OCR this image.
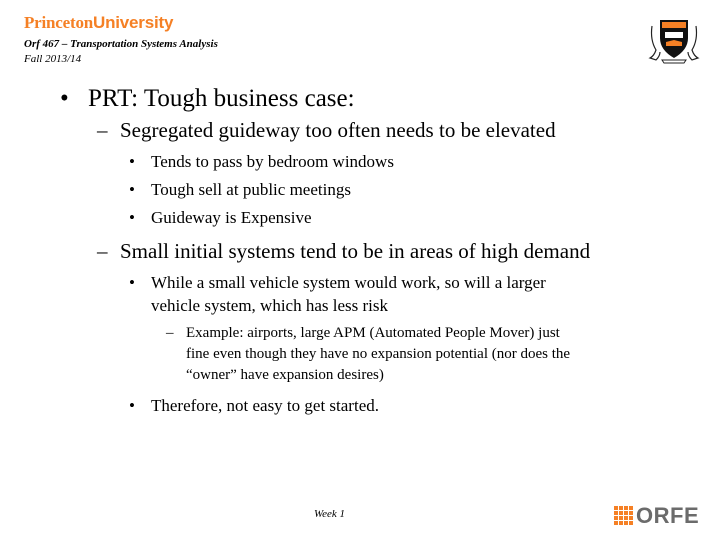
PrincetonUniversity
Orf 467 – Transportation Systems Analysis
Fall 2013/14
• PRT: Tough business case:
– Segregated guideway too often needs to be elevated
• Tends to pass by bedroom windows
• Tough sell at public meetings
• Guideway is Expensive
– Small initial systems tend to be in areas of high demand
• While a small vehicle system would work, so will a larger
vehicle system, which has less risk
– Example: airports, large APM (Automated People Mover) just
fine even though they have no expansion potential (nor does the
“owner” have expansion desires)
• Therefore, not easy to get started.
Week 1	ORFE
